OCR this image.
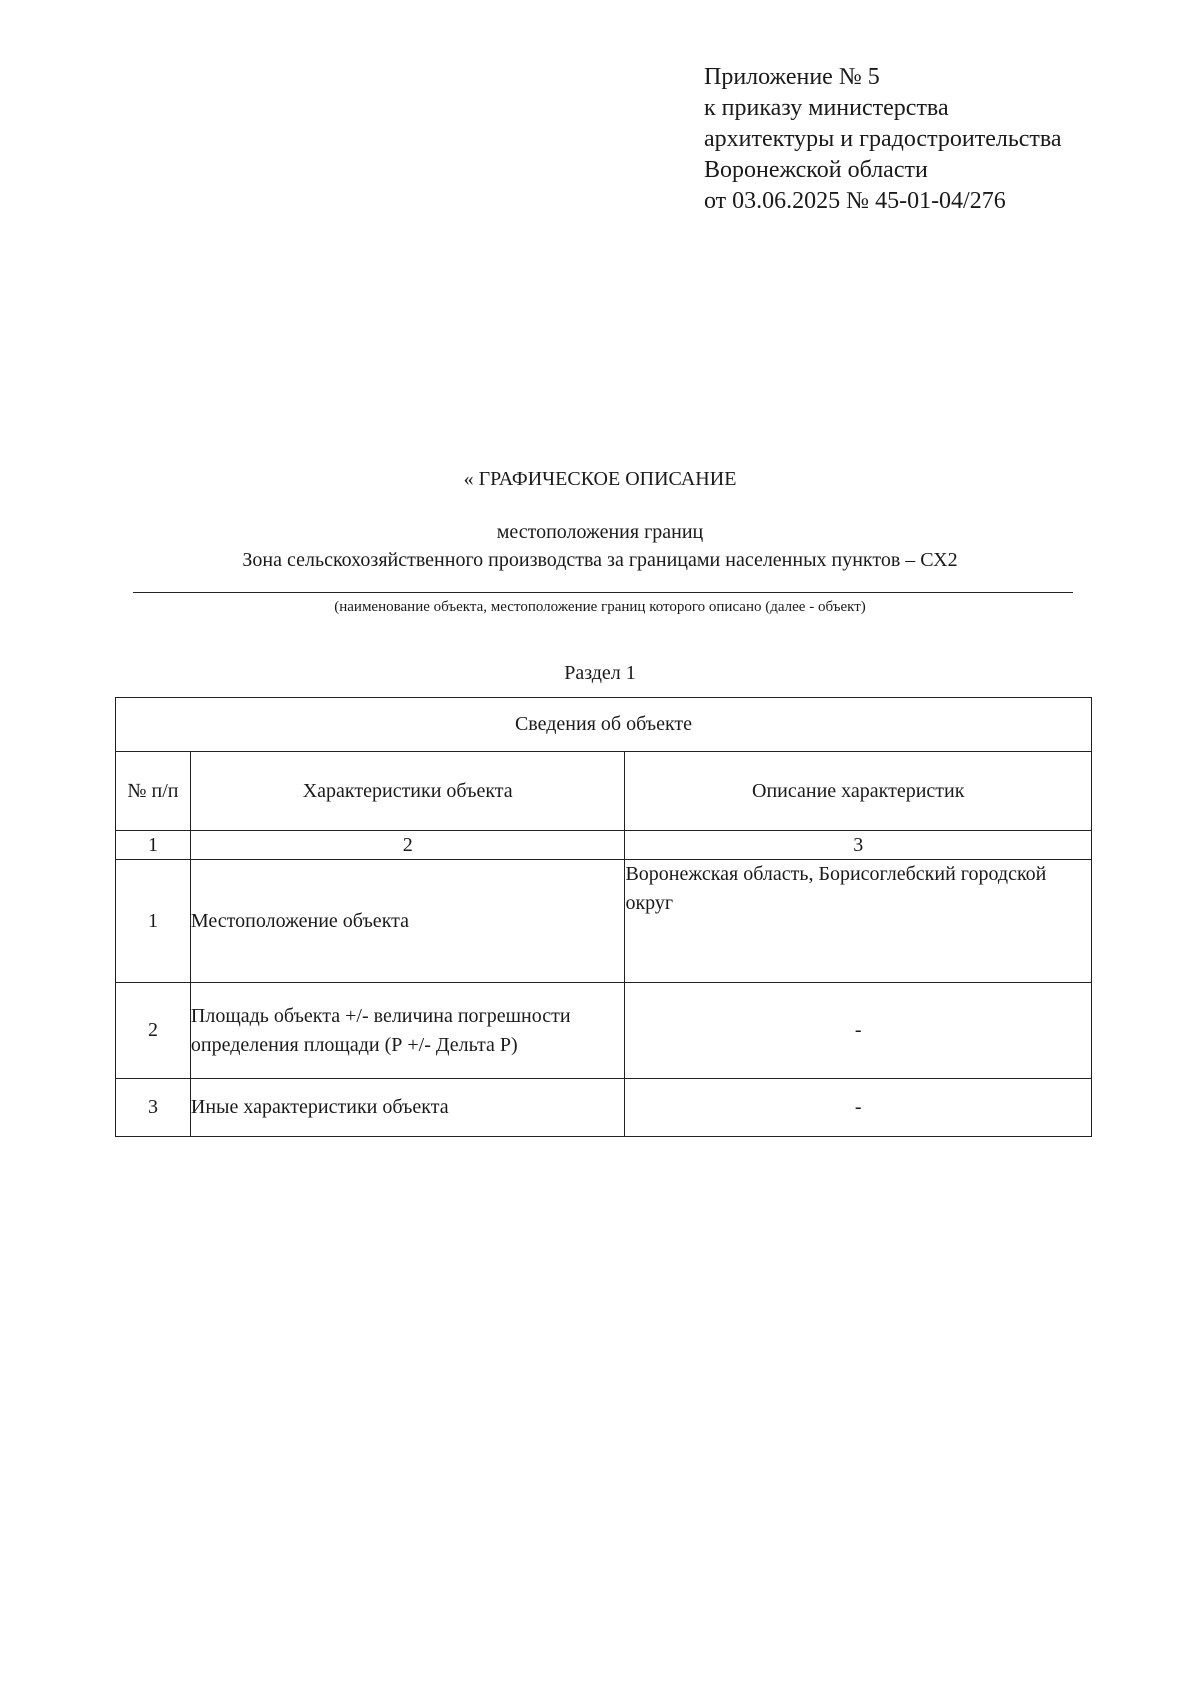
Приложение № 5
к приказу министерства
архитектуры и градостроительства
Воронежской области
от 03.06.2025 № 45-01-04/276
« ГРАФИЧЕСКОЕ ОПИСАНИЕ
местоположения границ
Зона сельскохозяйственного производства за границами населенных пунктов – СХ2
(наименование объекта, местоположение границ которого описано (далее - объект)
Раздел 1
Сведения об объекте		
№ п/п	Характеристики объекта	Описание характеристик
1	2	3
1	Местоположение объекта	Воронежская область, Борисоглебский городской округ
2	Площадь объекта +/- величина погрешности определения площади (Р +/- Дельта Р)	-
3	Иные характеристики объекта	-
